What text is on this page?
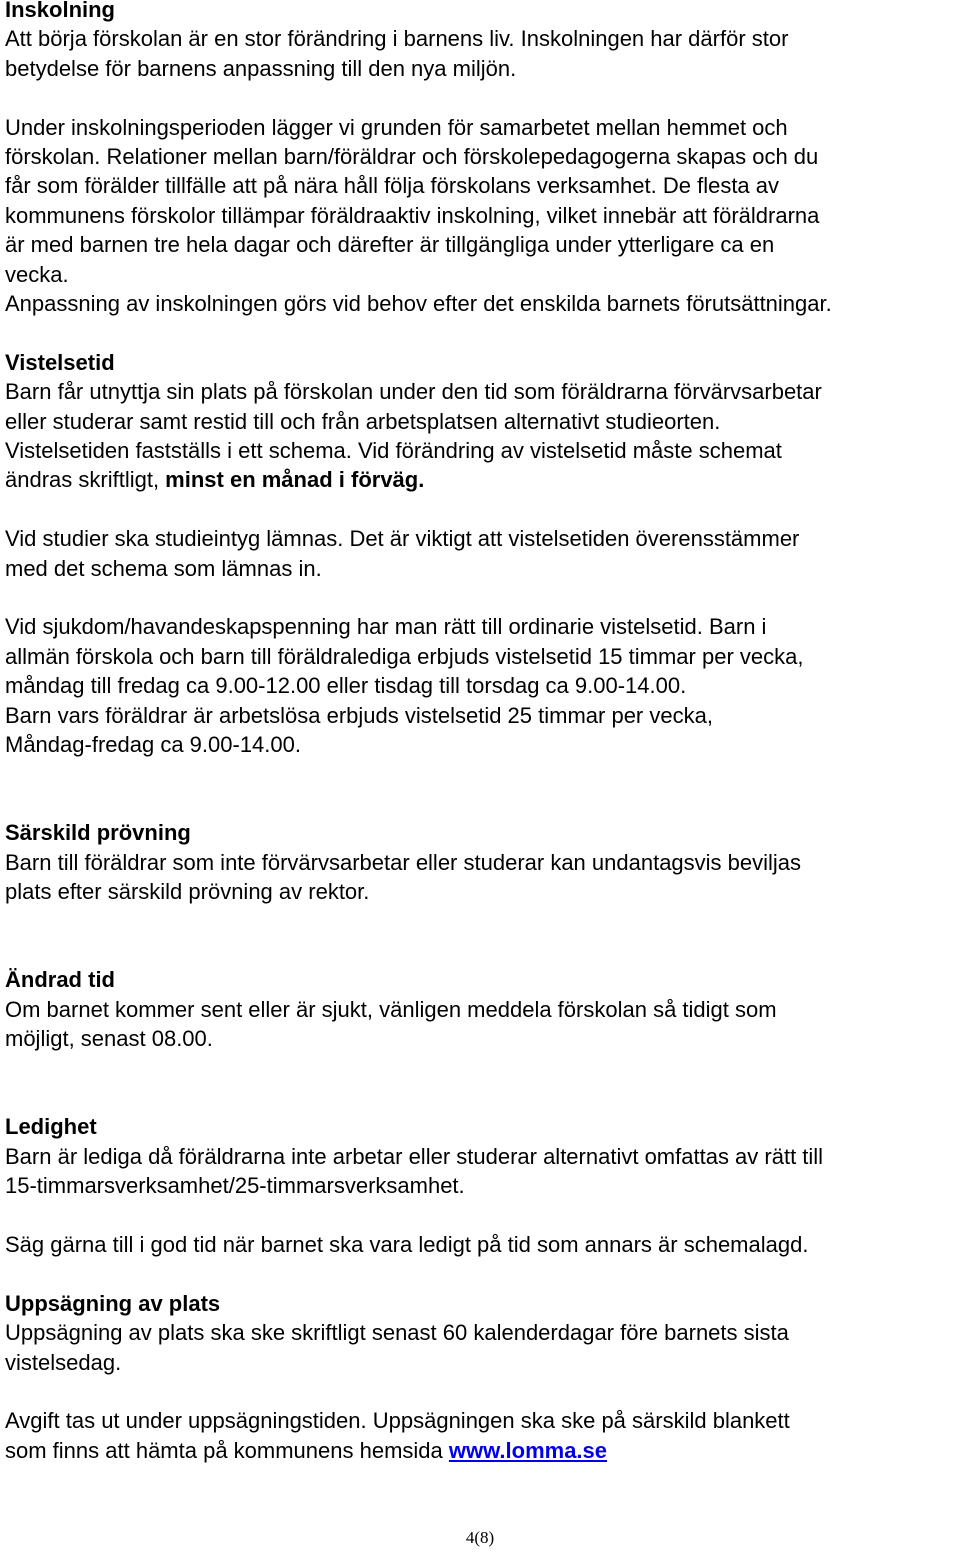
Inskolning

Att börja förskolan är en stor förändring i barnens liv. Inskolningen har därför stor

betydelse för barnens anpassning till den nya miljön.

Under inskolningsperioden lägger vi grunden för samarbetet mellan hemmet och

förskolan. Relationer mellan barn/föräldrar och förskolepedagogerna skapas och du

får som förälder tillfälle att på nära håll följa förskolans verksamhet. De flesta av

kommunens förskolor tillämpar föräldraaktiv inskolning, vilket innebär att föräldrarna

är med barnen tre hela dagar och därefter är tillgängliga under ytterligare ca en

vecka.

Anpassning av inskolningen görs vid behov efter det enskilda barnets förutsättningar.

Vistelsetid

Barn får utnyttja sin plats på förskolan under den tid som föräldrarna förvärvsarbetar

eller studerar samt restid till och från arbetsplatsen alternativt studieorten.

Vistelsetiden fastställs i ett schema. Vid förändring av vistelsetid måste schemat

ändras skriftligt, minst en månad i förväg.

Vid studier ska studieintyg lämnas. Det är viktigt att vistelsetiden överensstämmer

med det schema som lämnas in.

Vid sjukdom/havandeskapspenning har man rätt till ordinarie vistelsetid. Barn i

allmän förskola och barn till föräldralediga erbjuds vistelsetid 15 timmar per vecka,

måndag till fredag ca 9.00-12.00 eller tisdag till torsdag ca 9.00-14.00.

Barn vars föräldrar är arbetslösa erbjuds vistelsetid 25 timmar per vecka,

Måndag-fredag ca 9.00-14.00.

Särskild prövning

Barn till föräldrar som inte förvärvsarbetar eller studerar kan undantagsvis beviljas

plats efter särskild prövning av rektor.

Ändrad tid

Om barnet kommer sent eller är sjukt, vänligen meddela förskolan så tidigt som

möjligt, senast 08.00.

Ledighet

Barn är lediga då föräldrarna inte arbetar eller studerar alternativt omfattas av rätt till

15-timmarsverksamhet/25-timmarsverksamhet.

Säg gärna till i god tid när barnet ska vara ledigt på tid som annars är schemalagd.

Uppsägning av plats

Uppsägning av plats ska ske skriftligt senast 60 kalenderdagar före barnets sista

vistelsedag.

Avgift tas ut under uppsägningstiden. Uppsägningen ska ske på särskild blankett

som finns att hämta på kommunens hemsida www.lomma.se

4(8)
